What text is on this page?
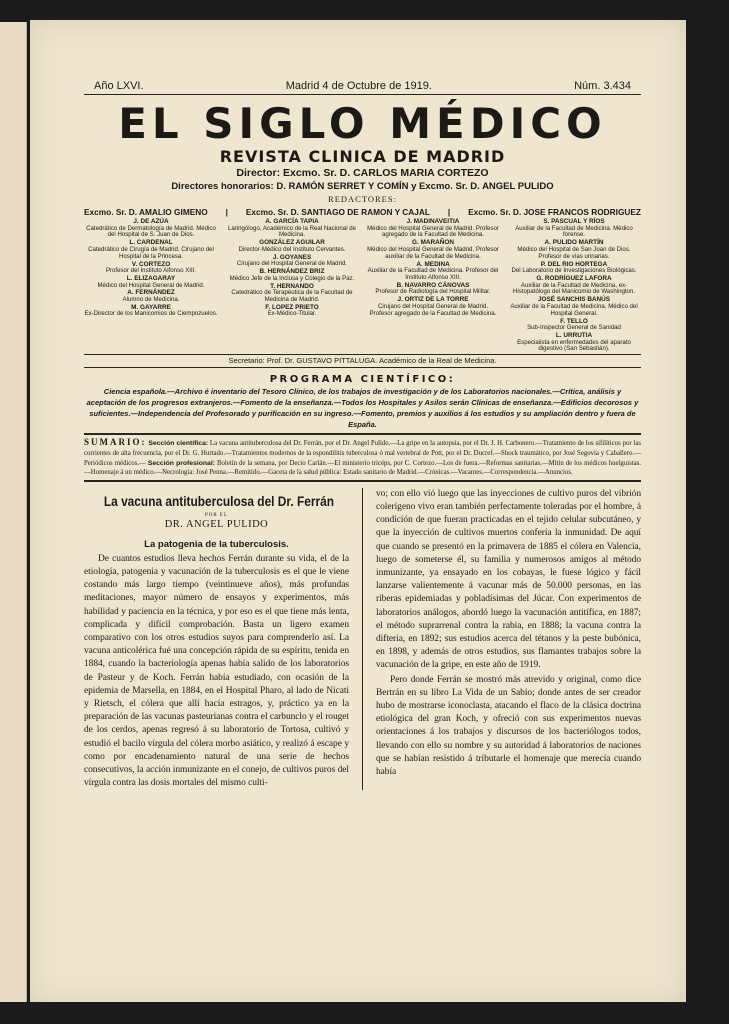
Año LXVI.	Madrid 4 de Octubre de 1919.	Núm. 3.434
EL SIGLO MÉDICO
REVISTA CLINICA DE MADRID
Director: Excmo. Sr. D. CARLOS MARIA CORTEZO
Directores honorarios: D. RAMÓN SERRET Y COMÍN y Excmo. Sr. D. ANGEL PULIDO
REDACTORES:
Excmo. Sr. D. AMALIO GIMENO | Excmo. Sr. D. SANTIAGO DE RAMON Y CAJAL | Excmo. Sr. D. JOSE FRANCOS RODRIGUEZ
J. DE AZÚA
Catedrático de Dermatología de Madrid. Médico del Hospital de S. Juan de Dios.
L. CARDENAL
Catedrático de Cirugía de Madrid. Cirujano del Hospital de la Princesa.
V. CORTEZO
Profesor del Instituto Alfonso XIII.
L. ELIZAGARAY
Médico del Hospital General de Madrid.
A. FERNÁNDEZ
Alumno de Medicina.
M. GAYARRE
Ex-Director de los Manicomios de Ciempozuelos.
A. GARCÍA TAPIA
Laringólogo, Académico de la Real Nacional de Medicina.
GONZÁLEZ AGUILAR
Director-Médico del Instituto Cervantes.
J. GOYANES
Cirujano del Hospital General de Madrid.
B. HERNÁNDEZ BRIZ
Médico Jefe de la Inclusa y Colegio de la Paz.
T. HERNANDO
Catedrático de Terapéutica de la Facultad de Medicina de Madrid.
F. LOPEZ PRIETO
Ex-Médico-Titular.
J. MADINAVEITIA
Médico del Hospital General de Madrid. Profesor agregado de la Facultad de Medicina.
G. MARAÑON
Médico del Hospital General de Madrid. Profesor auxiliar de la Facultad de Medicina.
A. MEDINA
Auxiliar de la Facultad de Medicina. Profesor del Instituto Alfonso XIII.
B. NAVARRO CÁNOVAS
Profesor de Radiología del Hospital Militar.
J. ORTIZ DE LA TORRE
Cirujano del Hospital General de Madrid. Profesor agregado de la Facultad de Medicina.
S. PASCUAL Y RÍOS
Auxiliar de la Facultad de Medicina. Médico forense.
A. PULIDO MARTÍN
Médico del Hospital de San Juan de Dios. Profesor de vías urinarias.
P. DEL RIO HORTEGA
Del Laboratorio de Investigaciones Biológicas.
G. RODRÍGUEZ LAFORA
Auxiliar de la Facultad de Medicina, ex-Histopatólogo del Manicomio de Washington.
JOSÉ SANCHIS BANÚS
Auxiliar de la Facultad de Medicina. Médico del Hospital General.
F. TELLO
Sub-Inspector General de Sanidad
L. URRUTIA
Especialista en enfermedades del aparato digestivo (San Sebastián).
Secretario: Prof. Dr. GUSTAVO PITTALUGA. Académico de la Real de Medicina.
PROGRAMA CIENTÍFICO:
Ciencia española.—Archivo é inventario del Tesoro Clínico, de los trabajos de investigación y de los Laboratorios nacionales.—Crítica, análisis y aceptación de los progresos extranjeros.—Fomento de la enseñanza.—Todos los Hospitales y Asilos serán Clínicas de enseñanza.—Edificios decorosos y suficientes.—Independencia del Profesorado y purificación en su ingreso.—Fomento, premios y auxilios á los estudios y su ampliación dentro y fuera de España.
SUMARIO: Sección científica: La vacuna antituberculosa del Dr. Ferrán, por el Dr. Angel Pulido.—La gripe en la autopsia, por el Dr. J. H. Carbonero.—Tratamiento de los sifilíticos por las corrientes de alta frecuencia, por el Dr. G. Hurtado.—Tratamientos modernos de la espondilitis tuberculosa ó mal vertebral de Pott, por el Dr. Ducref.—Shock traumático, por José Segovia y Caballero.—Periódicos médicos.— Sección profesional: Boletín de la semana, por Decio Carlán.—El ministerio tricéps, por C. Cortezo.—Los de fuera.—Reformas sanitarias.—Mitin de los médicos huelguistas.—Homenaje á un médico.—Necrología: José Penna.—Remitido.—Gaceta de la salud pública: Estado sanitario de Madrid.—Crónicas.—Vacantes.—Correspondencia.—Anuncios.
La vacuna antituberculosa del Dr. Ferrán
POR EL
DR. ANGEL PULIDO
La patogenia de la tuberculosis.

De cuantos estudios lleva hechos Ferrán durante su vida, el de la etiología, patogenia y vacunación de la tuberculosis es el que le viene costando más largo tiempo (veintinueve años), más profundas meditaciones, mayor número de ensayos y experimentos, más habilidad y paciencia en la técnica, y por eso es el que tiene más lenta, complicada y difícil comprobación. Basta un ligero examen comparativo con los otros estudios suyos para comprenderlo así. La vacuna anticolérica fué una concepción rápida de su espíritu, tenida en 1884, cuando la bacteriología apenas había salido de los laboratorios de Pasteur y de Koch. Ferrán había estudiado, con ocasión de la epidemia de Marsella, en 1884, en el Hospital Pharo, al lado de Nicati y Rietsch, el cólera que allí hacía estragos, y, práctico ya en la preparación de las vacunas pasteurianas contra el carbunclo y el rouget de los cerdos, apenas regresó á su laboratorio de Tortosa, cultivó y estudió el bacilo vírgula del cólera morbo asiático, y realizó á escape y como por encadenamiento natural de una serie de hechos consecutivos, la acción inmunizante en el conejo, de cultivos puros del vírgula contra las dosis mortales del mismo culti-

vo; con ello vió luego que las inyecciones de cultivo puros del vibrión colerígeno vivo eran también perfectamente toleradas por el hombre, á condición de que fueran practicadas en el tejido celular subcutáneo, y que la inyección de cultivos muertos confería la inmunidad. De aquí que cuando se presentó en la primavera de 1885 el cólera en Valencia, luego de someterse él, su familia y numerosos amigos al método inmunizante, ya ensayado en los cobayas, le fuese lógico y fácil lanzarse valientemente á vacunar más de 50.000 personas, en las riberas epidemiadas y pobladísimas del Júcar. Con experimentos de laboratorios análogos, abordó luego la vacunación antitífica, en 1887; el método suprarrenal contra la rabia, en 1888; la vacuna contra la difteria, en 1892; sus estudios acerca del tétanos y la peste bubónica, en 1898, y además de otros estudios, sus flamantes trabajos sobre la vacunación de la gripe, en este año de 1919.

Pero donde Ferrán se mostró más atrevido y original, como dice Bertrán en su libro La Vida de un Sabio; donde antes de ser creador hubo de mostrarse iconoclasta, atacando el flaco de la clásica doctrina etiológica del gran Koch, y ofreció con sus experimentos nuevas orientaciones á los trabajos y discursos de los bacteriólogos todos, llevando con ello su nombre y su autoridad á laboratorios de naciones que se habían resistido á tributarle el homenaje que merecía cuando había
